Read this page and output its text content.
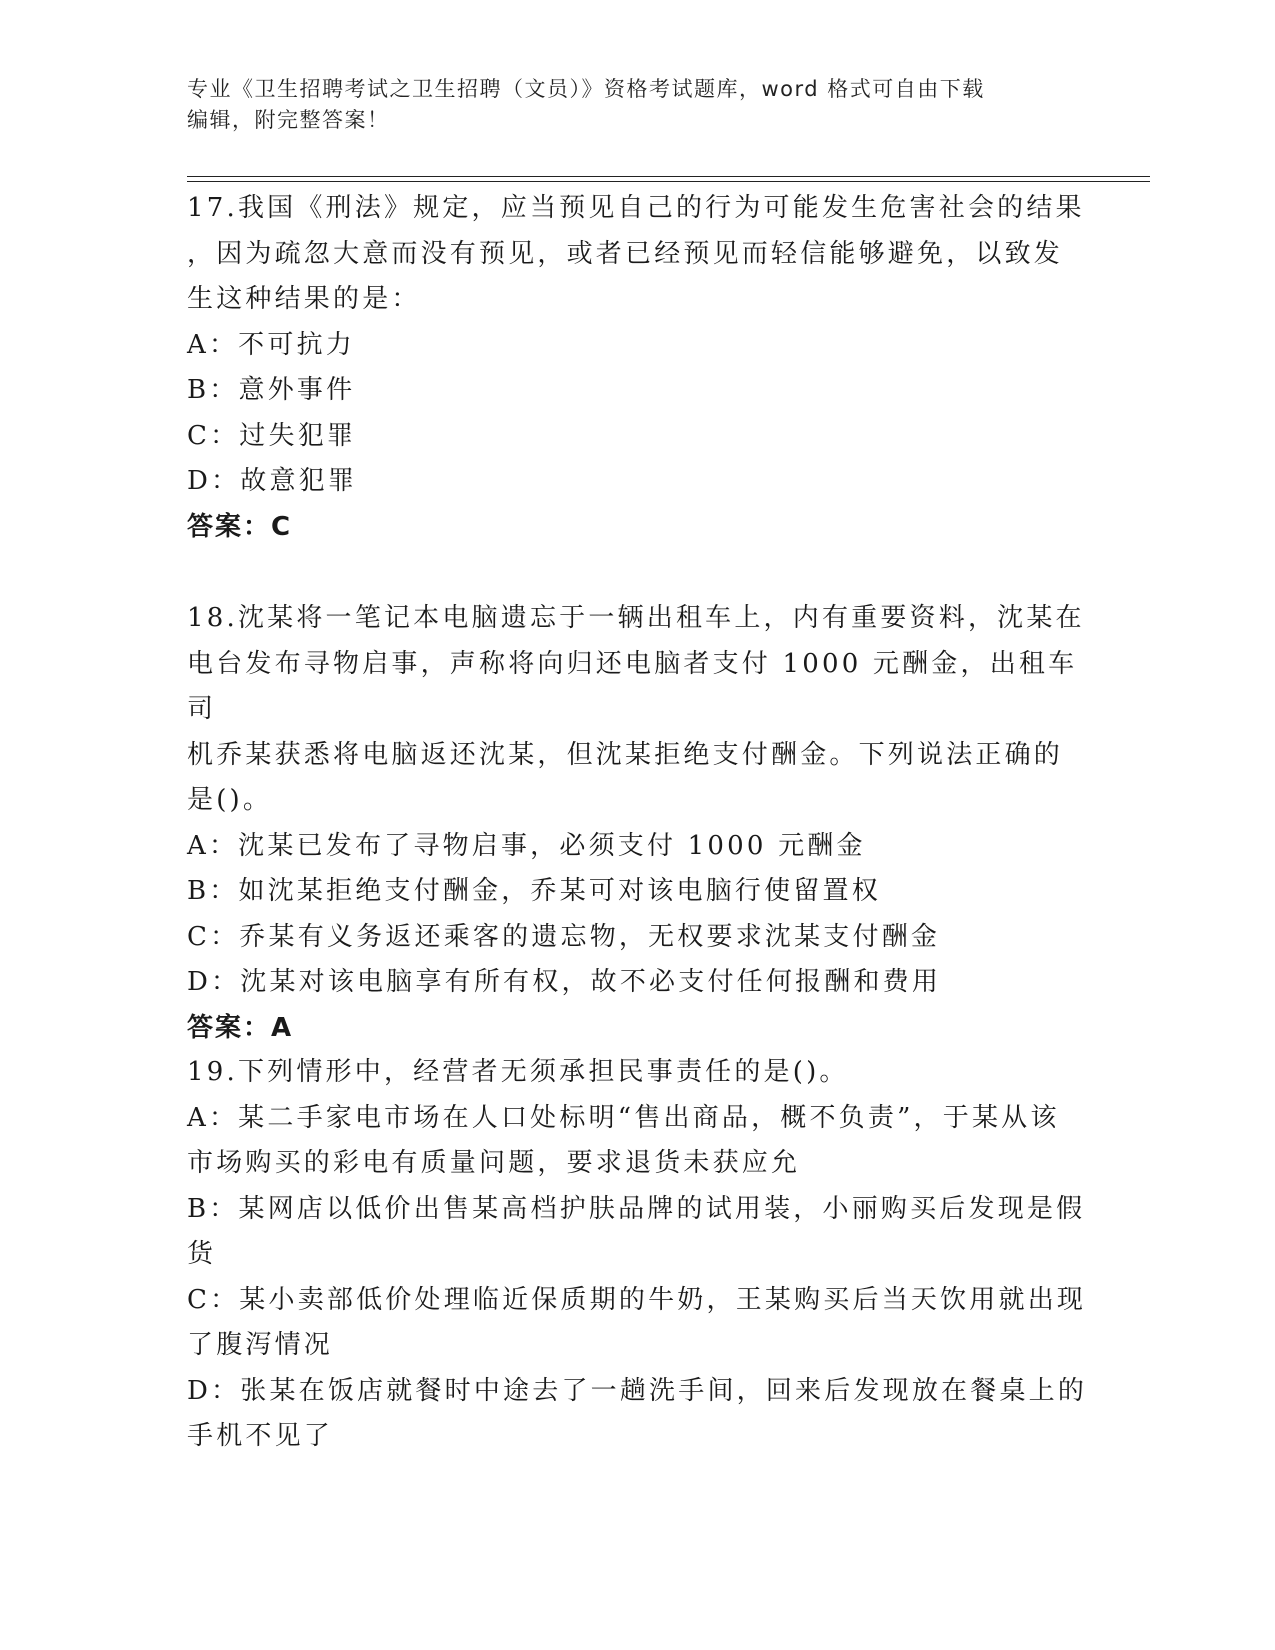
专业《卫生招聘考试之卫生招聘（文员）》资格考试题库，word 格式可自由下载
编辑，附完整答案！

17.我国《刑法》规定，应当预见自己的行为可能发生危害社会的结果

，因为疏忽大意而没有预见，或者已经预见而轻信能够避免，以致发

生这种结果的是：

A：不可抗力

B：意外事件

C：过失犯罪

D：故意犯罪

答案：C

18.沈某将一笔记本电脑遗忘于一辆出租车上，内有重要资料，沈某在

电台发布寻物启事，声称将向归还电脑者支付 1000 元酬金，出租车司

机乔某获悉将电脑返还沈某，但沈某拒绝支付酬金。下列说法正确的

是()。

A：沈某已发布了寻物启事，必须支付 1000 元酬金

B：如沈某拒绝支付酬金，乔某可对该电脑行使留置权

C：乔某有义务返还乘客的遗忘物，无权要求沈某支付酬金

D：沈某对该电脑享有所有权，故不必支付任何报酬和费用

答案：A

19.下列情形中，经营者无须承担民事责任的是()。

A：某二手家电市场在人口处标明“售出商品，概不负责”，于某从该

市场购买的彩电有质量问题，要求退货未获应允

B：某网店以低价出售某高档护肤品牌的试用装，小丽购买后发现是假

货

C：某小卖部低价处理临近保质期的牛奶，王某购买后当天饮用就出现

了腹泻情况

D：张某在饭店就餐时中途去了一趟洗手间，回来后发现放在餐桌上的

手机不见了
